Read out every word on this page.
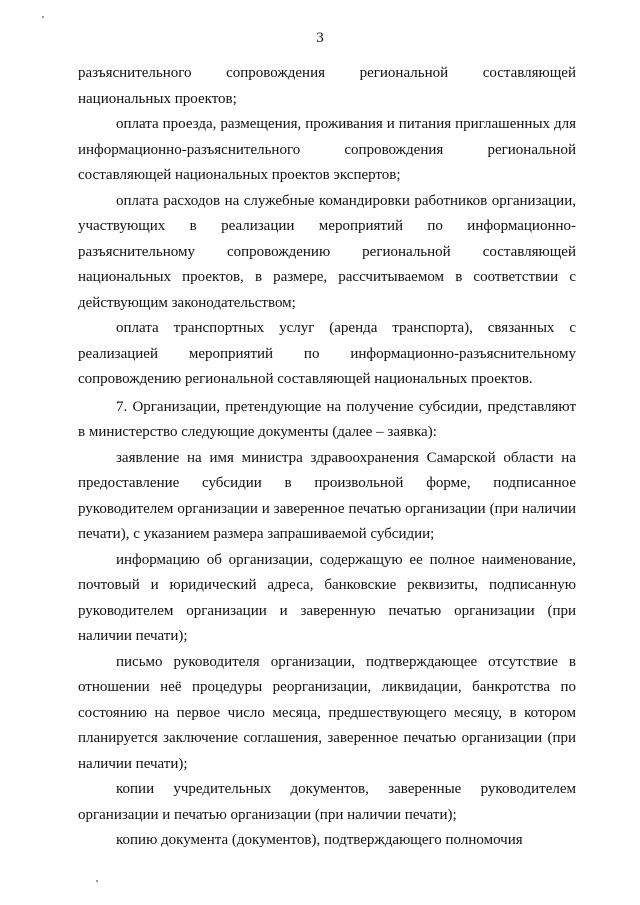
3

разъяснительного сопровождения региональной составляющей национальных проектов;

оплата проезда, размещения, проживания и питания приглашенных для информационно-разъяснительного сопровождения региональной составляющей национальных проектов экспертов;

оплата расходов на служебные командировки работников организации, участвующих в реализации мероприятий по информационно-разъяснительному сопровождению региональной составляющей национальных проектов, в размере, рассчитываемом в соответствии с действующим законодательством;

оплата транспортных услуг (аренда транспорта), связанных с реализацией мероприятий по информационно-разъяснительному сопровождению региональной составляющей национальных проектов.

7. Организации, претендующие на получение субсидии, представляют в министерство следующие документы (далее – заявка):

заявление на имя министра здравоохранения Самарской области на предоставление субсидии в произвольной форме, подписанное руководителем организации и заверенное печатью организации (при наличии печати), с указанием размера запрашиваемой субсидии;

информацию об организации, содержащую ее полное наименование, почтовый и юридический адреса, банковские реквизиты, подписанную руководителем организации и заверенную печатью организации (при наличии печати);

письмо руководителя организации, подтверждающее отсутствие в отношении неё процедуры реорганизации, ликвидации, банкротства по состоянию на первое число месяца, предшествующего месяцу, в котором планируется заключение соглашения, заверенное печатью организации (при наличии печати);

копии учредительных документов, заверенные руководителем организации и печатью организации (при наличии печати);

копию документа (документов), подтверждающего полномочия
